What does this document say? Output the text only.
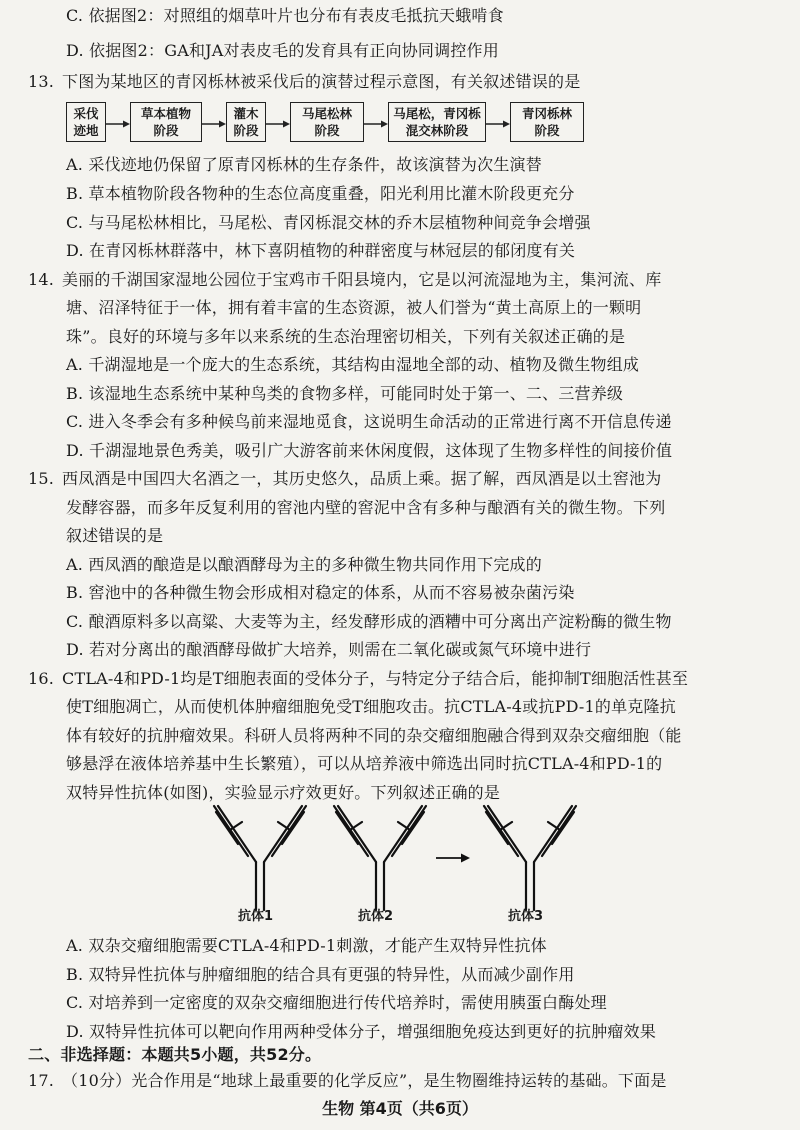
C. 依据图2：对照组的烟草叶片也分布有表皮毛抵抗天蛾啃食
D. 依据图2：GA和JA对表皮毛的发育具有正向协同调控作用
13. 下图为某地区的青冈栎林被采伐后的演替过程示意图，有关叙述错误的是
采伐
迹地
草本植物
阶段
灌木
阶段
马尾松林
阶段
马尾松，青冈栎
混交林阶段
青冈栎林
阶段
A. 采伐迹地仍保留了原青冈栎林的生存条件，故该演替为次生演替
B. 草本植物阶段各物种的生态位高度重叠，阳光利用比灌木阶段更充分
C. 与马尾松林相比，马尾松、青冈栎混交林的乔木层植物种间竞争会增强
D. 在青冈栎林群落中，林下喜阴植物的种群密度与林冠层的郁闭度有关
14. 美丽的千湖国家湿地公园位于宝鸡市千阳县境内，它是以河流湿地为主，集河流、库
塘、沼泽特征于一体，拥有着丰富的生态资源，被人们誉为“黄土高原上的一颗明
珠”。良好的环境与多年以来系统的生态治理密切相关，下列有关叙述正确的是
A. 千湖湿地是一个庞大的生态系统，其结构由湿地全部的动、植物及微生物组成
B. 该湿地生态系统中某种鸟类的食物多样，可能同时处于第一、二、三营养级
C. 进入冬季会有多种候鸟前来湿地觅食，这说明生命活动的正常进行离不开信息传递
D. 千湖湿地景色秀美，吸引广大游客前来休闲度假，这体现了生物多样性的间接价值
15. 西凤酒是中国四大名酒之一，其历史悠久，品质上乘。据了解，西凤酒是以土窖池为
发酵容器，而多年反复利用的窖池内壁的窖泥中含有多种与酿酒有关的微生物。下列
叙述错误的是
A. 西凤酒的酿造是以酿酒酵母为主的多种微生物共同作用下完成的
B. 窖池中的各种微生物会形成相对稳定的体系，从而不容易被杂菌污染
C. 酿酒原料多以高粱、大麦等为主，经发酵形成的酒糟中可分离出产淀粉酶的微生物
D. 若对分离出的酿酒酵母做扩大培养，则需在二氧化碳或氮气环境中进行
16. CTLA-4和PD-1均是T细胞表面的受体分子，与特定分子结合后，能抑制T细胞活性甚至
使T细胞凋亡，从而使机体肿瘤细胞免受T细胞攻击。抗CTLA-4或抗PD-1的单克隆抗
体有较好的抗肿瘤效果。科研人员将两种不同的杂交瘤细胞融合得到双杂交瘤细胞（能
够悬浮在液体培养基中生长繁殖），可以从培养液中筛选出同时抗CTLA-4和PD-1的
双特异性抗体(如图)，实验显示疗效更好。下列叙述正确的是
抗体1	抗体2	抗体3
A. 双杂交瘤细胞需要CTLA-4和PD-1刺激，才能产生双特异性抗体
B. 双特异性抗体与肿瘤细胞的结合具有更强的特异性，从而减少副作用
C. 对培养到一定密度的双杂交瘤细胞进行传代培养时，需使用胰蛋白酶处理
D. 双特异性抗体可以靶向作用两种受体分子，增强细胞免疫达到更好的抗肿瘤效果
二、非选择题：本题共5小题，共52分。
17. （10分）光合作用是“地球上最重要的化学反应”，是生物圈维持运转的基础。下面是
生物 第4页（共6页）
